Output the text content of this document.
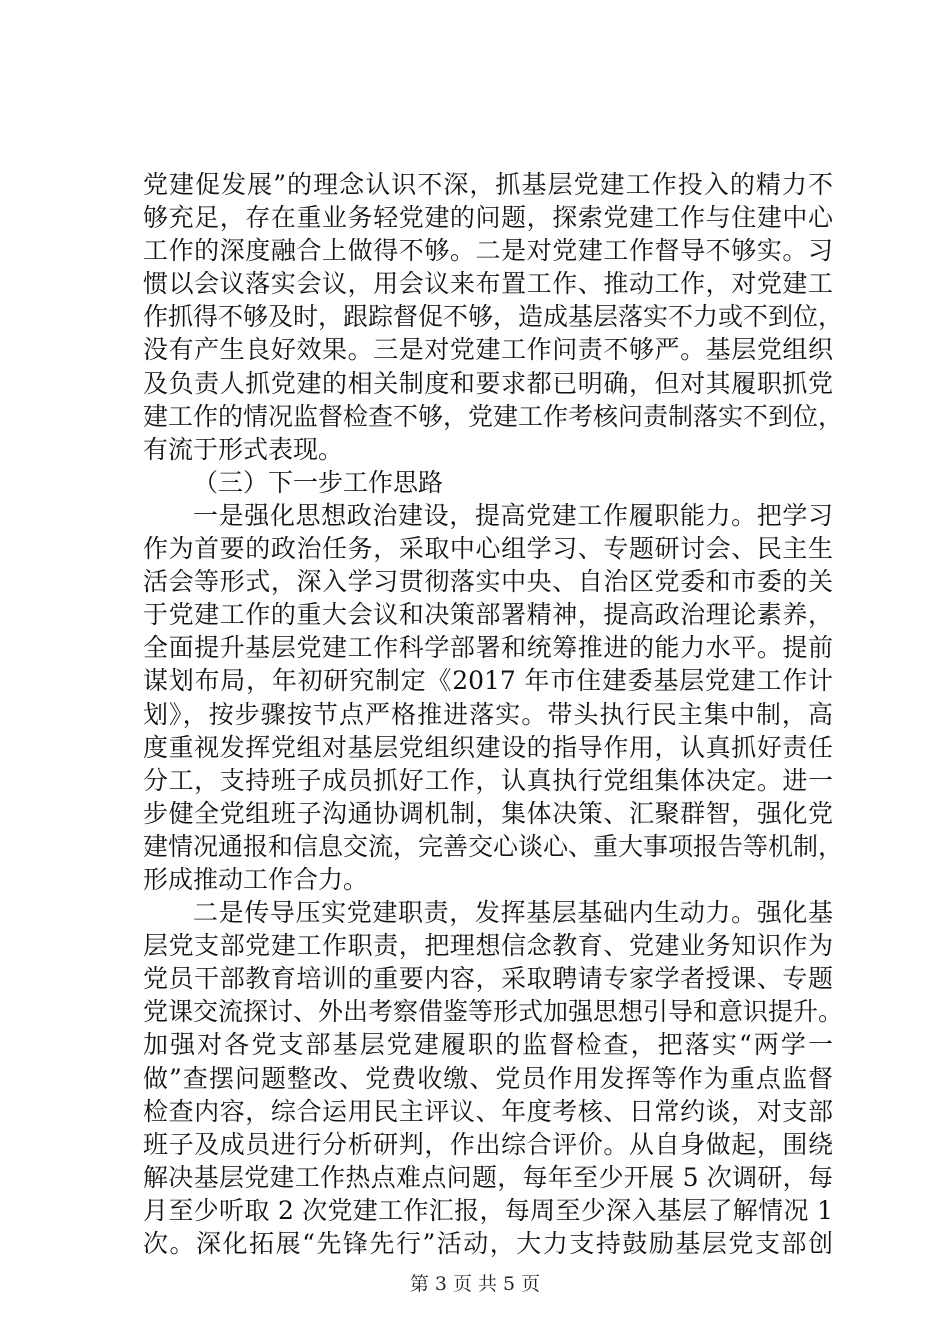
党建促发展”的理念认识不深，抓基层党建工作投入的精力不
够充足，存在重业务轻党建的问题，探索党建工作与住建中心
工作的深度融合上做得不够。二是对党建工作督导不够实。习
惯以会议落实会议，用会议来布置工作、推动工作，对党建工
作抓得不够及时，跟踪督促不够，造成基层落实不力或不到位，
没有产生良好效果。三是对党建工作问责不够严。基层党组织
及负责人抓党建的相关制度和要求都已明确，但对其履职抓党
建工作的情况监督检查不够，党建工作考核问责制落实不到位，
有流于形式表现。
（三）下一步工作思路
一是强化思想政治建设，提高党建工作履职能力。把学习
作为首要的政治任务，采取中心组学习、专题研讨会、民主生
活会等形式，深入学习贯彻落实中央、自治区党委和市委的关
于党建工作的重大会议和决策部署精神，提高政治理论素养，
全面提升基层党建工作科学部署和统筹推进的能力水平。提前
谋划布局，年初研究制定《2017 年市住建委基层党建工作计
划》，按步骤按节点严格推进落实。带头执行民主集中制，高
度重视发挥党组对基层党组织建设的指导作用，认真抓好责任
分工，支持班子成员抓好工作，认真执行党组集体决定。进一
步健全党组班子沟通协调机制，集体决策、汇聚群智，强化党
建情况通报和信息交流，完善交心谈心、重大事项报告等机制，
形成推动工作合力。
二是传导压实党建职责，发挥基层基础内生动力。强化基
层党支部党建工作职责，把理想信念教育、党建业务知识作为
党员干部教育培训的重要内容，采取聘请专家学者授课、专题
党课交流探讨、外出考察借鉴等形式加强思想引导和意识提升。
加强对各党支部基层党建履职的监督检查，把落实“两学一
做”查摆问题整改、党费收缴、党员作用发挥等作为重点监督
检查内容，综合运用民主评议、年度考核、日常约谈，对支部
班子及成员进行分析研判，作出综合评价。从自身做起，围绕
解决基层党建工作热点难点问题，每年至少开展 5 次调研，每
月至少听取 2 次党建工作汇报，每周至少深入基层了解情况 1
次。深化拓展“先锋先行”活动，大力支持鼓励基层党支部创
第 3 页 共 5 页
